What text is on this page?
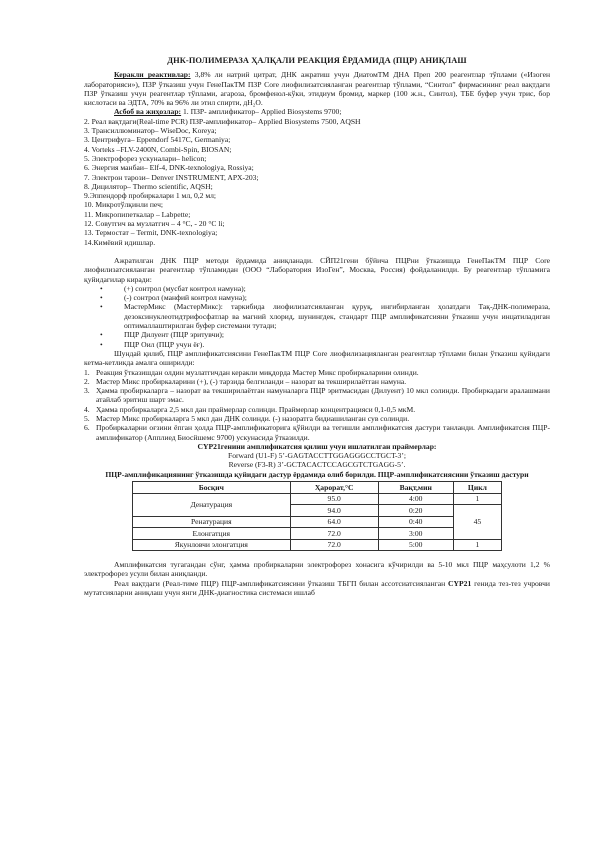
ДНК-ПОЛИМЕРАЗА ҲАЛҚАЛИ РЕАКЦИЯ ЁРДАМИДА (ПЦР) АНИҚЛАШ
Керакли реактивлар: 3,8% ли натрий цитрат, ДНК ажратиш учун ДиатомТМ ДНА Преп 200 реагентлар тўплами («Изоген лабораторияси»), ПЗР ўтказиш учун ГенеПакТМ ПЗР Core лиофилизатсияланган реагентлар тўплами, “Синтол” фирмасининг реал вақтдаги ПЗР ўтказиш учун реагентлар тўплами, агароза, бромфенол-кўки, этидиум бромид, маркер (100 ж.н., Синтол), ТБЕ буфер учун трис, бор кислотаси ва ЭДТА, 70% ва 96% ли этил спирти, дН₂О.
Асбоб ва жиҳозлар: 1. ПЗР- амплификатор– Applied Biosystems 9700;
2. Реал вақтдаги(Real-time PCR) ПЗР-амплификатор– Applied Biosystems 7500, AQSH
3. Трансиллюминатор– WiseDoc, Koreya;
3. Центрифуга– Eppendorf 5417C, Germaniya;
4. Vorteks –FLV-2400N, Combi-Spin, BIOSAN;
5. Электрофорез ускуналари– helicon;
6. Энергия манбаи– Elf-4, DNK-texnologiya, Rossiya;
7. Электрон тарози– Denver INSTRUMENT, APX-203;
8. Дицилятор– Thermo scientific, AQSH;
9.Эппендорф пробиркалари 1 мл, 0,2 мл;
10. Микротўлқинли печ;
11. Микропипеткалар – Labpette;
12. Совутгич ва музлатгич – 4 °С, - 20 °С li;
13. Термостат – Termit, DNK-texnologiya;
14.Кимёвий идишлар.
Ажратилган ДНК ПЦР методи ёрдамида аниқланади. CЙП21гени бўйича ПЦРни ўтказишда ГенеПакТМ ПЦР Core лиофилизатсияланган реагентлар тўпламидан (ООО “Лаборатория ИзоГен”, Москва, Россия) фойдаланилди. Бу реагентлар тўпламига қуйидагилар киради:
• (+) сонтрол (мусбат контрол намуна);
• (-) сонтрол (манфий контрол намуна);
• МастерМикс (МастерМикс): таркибида лиофилизатсияланган қуруқ, ингибирланган ҳолатдаги Тақ-ДНК-полимераза, дезоксинуклеотидтрифосфатлар ва магний хлорид, шунингдек, стандарт ПЦР амплификатсияни ўтказиш учун инцатиладиган оптималлаштирилган буфер системани тутади;
• ПЦР Дилуент (ПЦР эритувчи);
• ПЦР Оил (ПЦР учун ёғ).
Шундай қилиб, ПЦР амплификатсиясини ГенеПакТМ ПЦР Core лиофилизацияланган реагентлар тўплами билан ўтказиш қуйидаги кетма-кетликда амалга оширилди:
1. Реакция ўтказишдан олдин музлатгичдан керакли миқдорда Мастер Микс пробиркаларини олинди.
2. Мастер Микс пробиркаларини (+), (-) тарзида белгиланди – назорат ва текширилаётган намуна.
3. Ҳамма пробиркаларга – назорат ва текширилаётган намуналарга ПЦР эритмасидан (Дилуент) 10 мкл солинди. Пробиркадаги аралашмани атайлаб эритиш шарт эмас.
4. Ҳамма пробиркаларга 2,5 мкл дан праймерлар солинди. Праймерлар концентрацияси 0,1-0,5 мкМ.
5. Мастер Микс пробиркаларга 5 мкл дан ДНК солинди. (-) назоратга бидиашиланган сув солинди.
6. Пробиркаларни оғзини ёпган ҳолда ПЦР-амплификаторига қўйилди ва тегишли амплификатсия дастури танланди. Амплификатсия ПЦР- амплификатор (Апплиед Биосйшемс 9700) ускунасида ўтказилди.
CYP21генини амплификатсия қилиш учун ишлатилган праймерлар:
Forward (U1-F) 5’-GAGTACCTTGGAGGGCCTGCT-3’;
Reverse (F3-R) 3’-GCTACACTCCAGCGTCTGAGG-5’.
ПЦР-амплификациянинг ўтказишда қуйидаги дастур ёрдамида олиб борилди. ПЦР-амплификатсиясини ўтказиш дастури
Босқич	Ҳарорат,°С	Вақт,мин	Цикл
Денатурация	95.0	4:00	1
	94.0	0:20	45
Ренатурация	64.0	0:40	
Елонгатция	72.0	3:00	
Якунловчи элонгатция	72.0	5:00	1
Амплификатсия тугагандан сўнг, ҳамма пробиркаларни электрофорез хонасига кўчирилди ва 5-10 мкл ПЦР маҳсулоти 1,2 % электрофорез усули билан аниқланди.
Реал вақтдаги (Реал-тиме ПЦР) ПЦР-амплификатсиясини ўтказиш ТБГП билан ассотсиатсияланган CYP21 генида тез-тез учровчи мутатсияларни аниқлаш учун янги ДНК-диагностика системаси ишлаб
